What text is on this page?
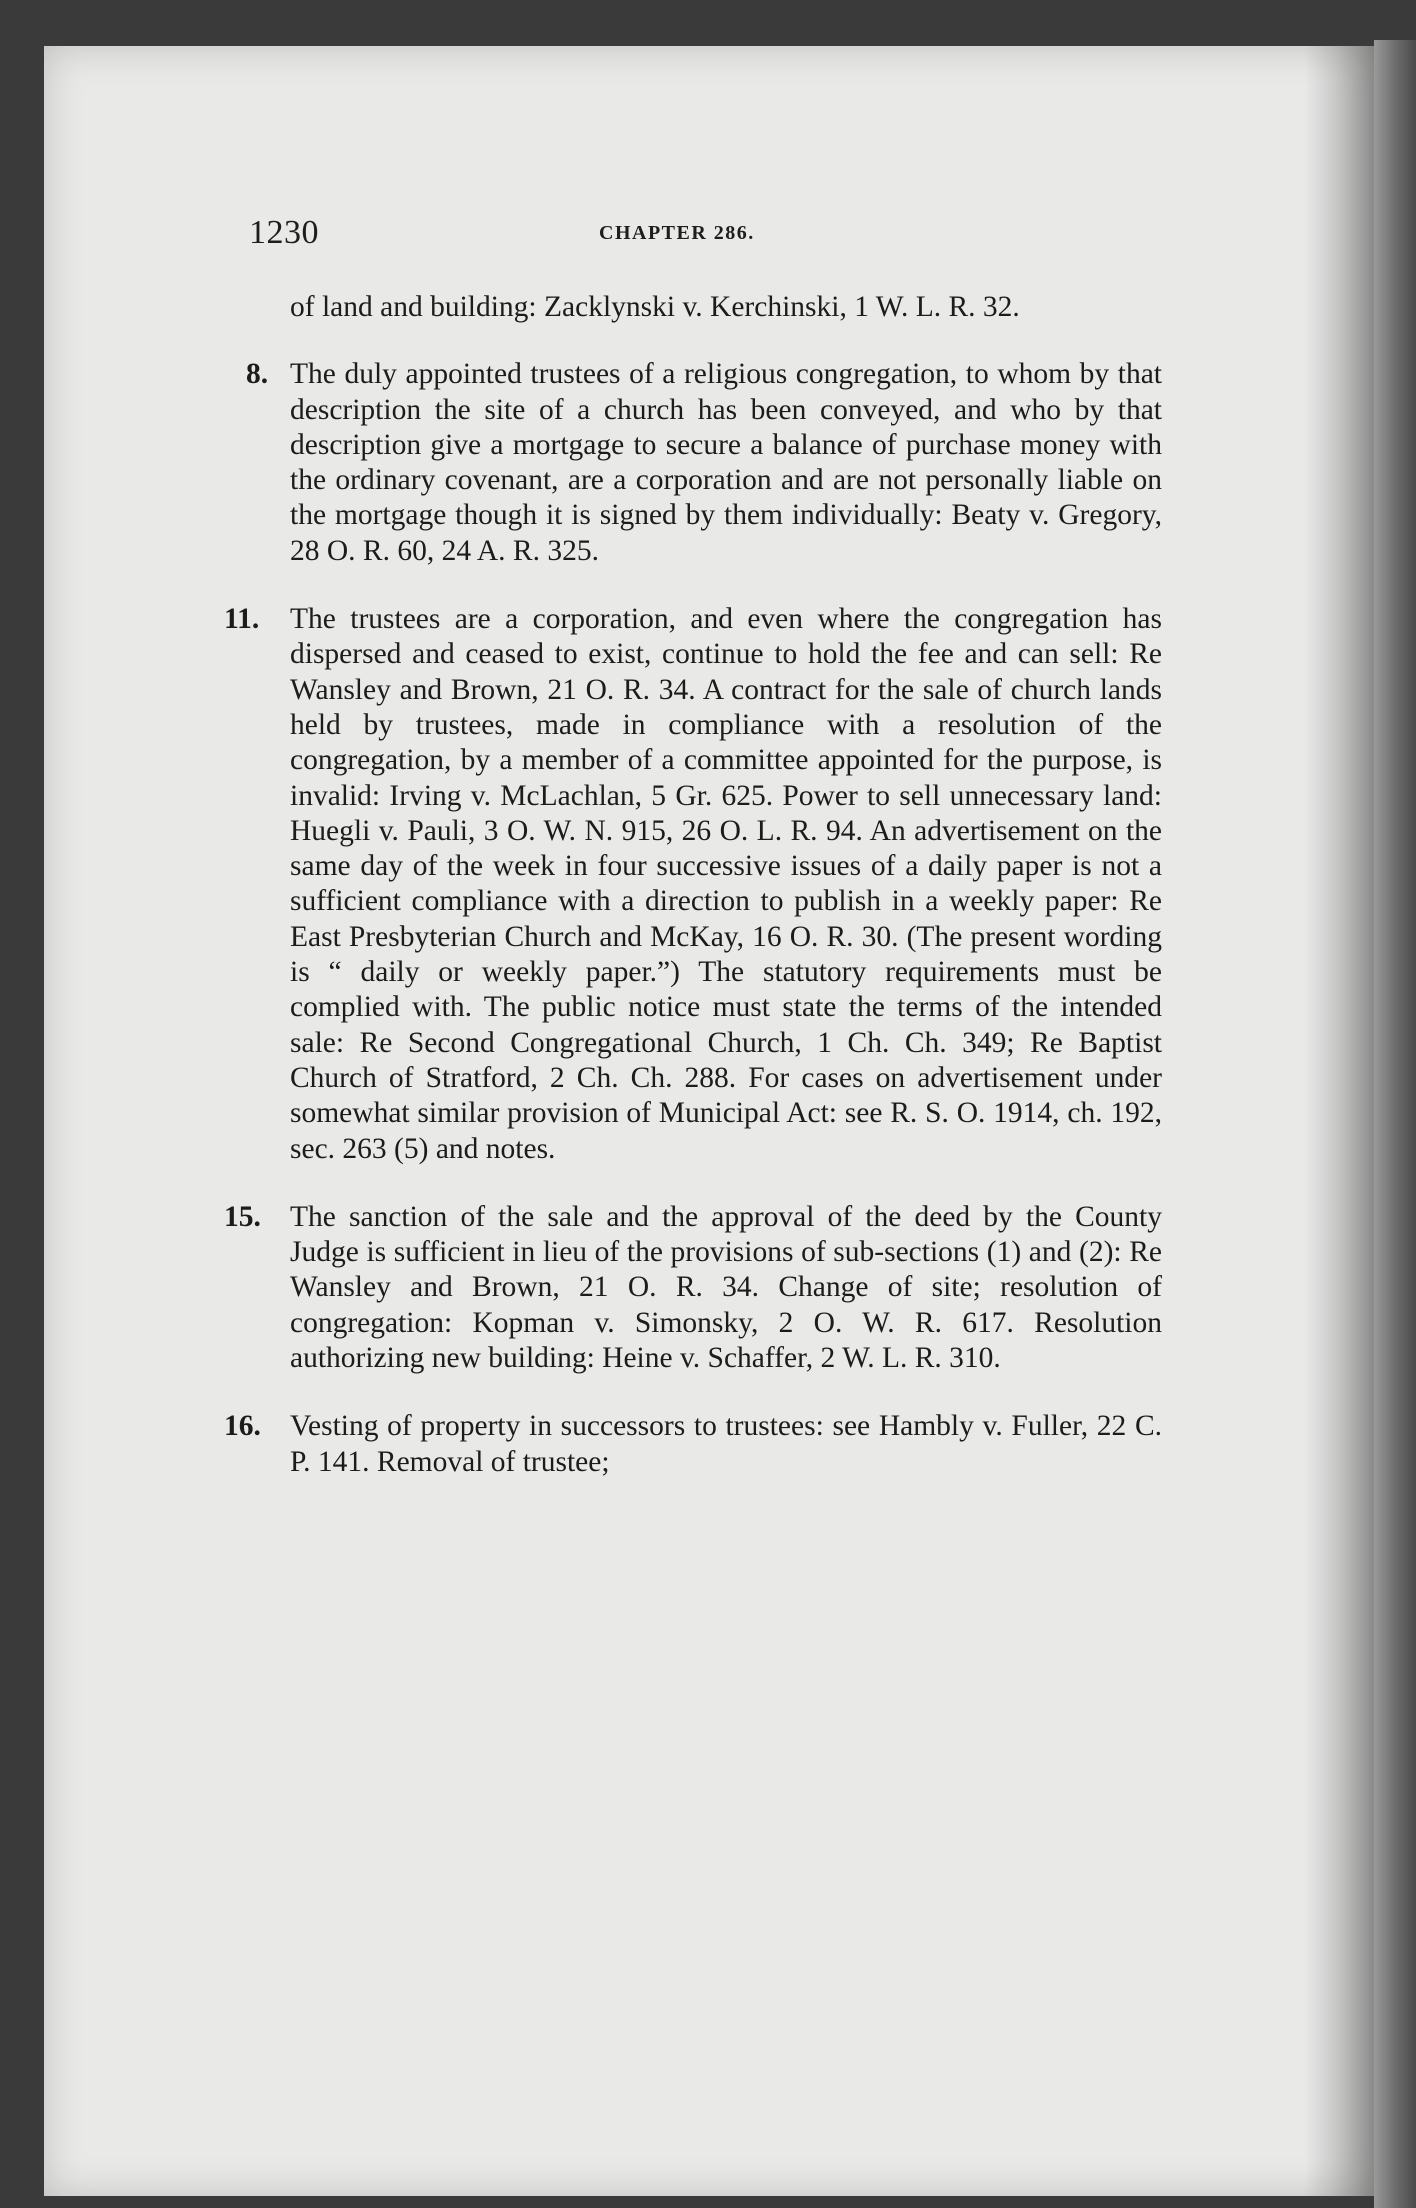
1230	CHAPTER 286.
of land and building: Zacklynski v. Kerchinski, 1 W. L. R. 32.
8. The duly appointed trustees of a religious congregation, to whom by that description the site of a church has been conveyed, and who by that description give a mortgage to secure a balance of purchase money with the ordinary covenant, are a corporation and are not personally liable on the mortgage though it is signed by them individually: Beaty v. Gregory, 28 O. R. 60, 24 A. R. 325.
11.	The trustees are a corporation, and even where the congregation has dispersed and ceased to exist, continue to hold the fee and can sell: Re Wansley and Brown, 21 O. R. 34. A contract for the sale of church lands held by trustees, made in compliance with a resolution of the congregation, by a member of a committee appointed for the purpose, is invalid: Irving v. McLachlan, 5 Gr. 625. Power to sell unnecessary land: Huegli v. Pauli, 3 O. W. N. 915, 26 O. L. R. 94. An advertisement on the same day of the week in four successive issues of a daily paper is not a sufficient compliance with a direction to publish in a weekly paper: Re East Presbyterian Church and McKay, 16 O. R. 30. (The present wording is “ daily or weekly paper.”) The statutory requirements must be complied with. The public notice must state the terms of the intended sale: Re Second Congregational Church, 1 Ch. Ch. 349; Re Baptist Church of Stratford, 2 Ch. Ch. 288. For cases on advertisement under somewhat similar provision of Municipal Act: see R. S. O. 1914, ch. 192, sec. 263 (5) and notes.
15. The sanction of the sale and the approval of the deed by the County Judge is sufficient in lieu of the provisions of sub-sections (1) and (2): Re Wansley and Brown, 21 O. R. 34. Change of site; resolution of congregation: Kopman v. Simonsky, 2 O. W. R. 617. Resolution authorizing new building: Heine v. Schaffer, 2 W. L. R. 310.
16. Vesting of property in successors to trustees: see Hambly v. Fuller, 22 C. P. 141. Removal of trustee;
